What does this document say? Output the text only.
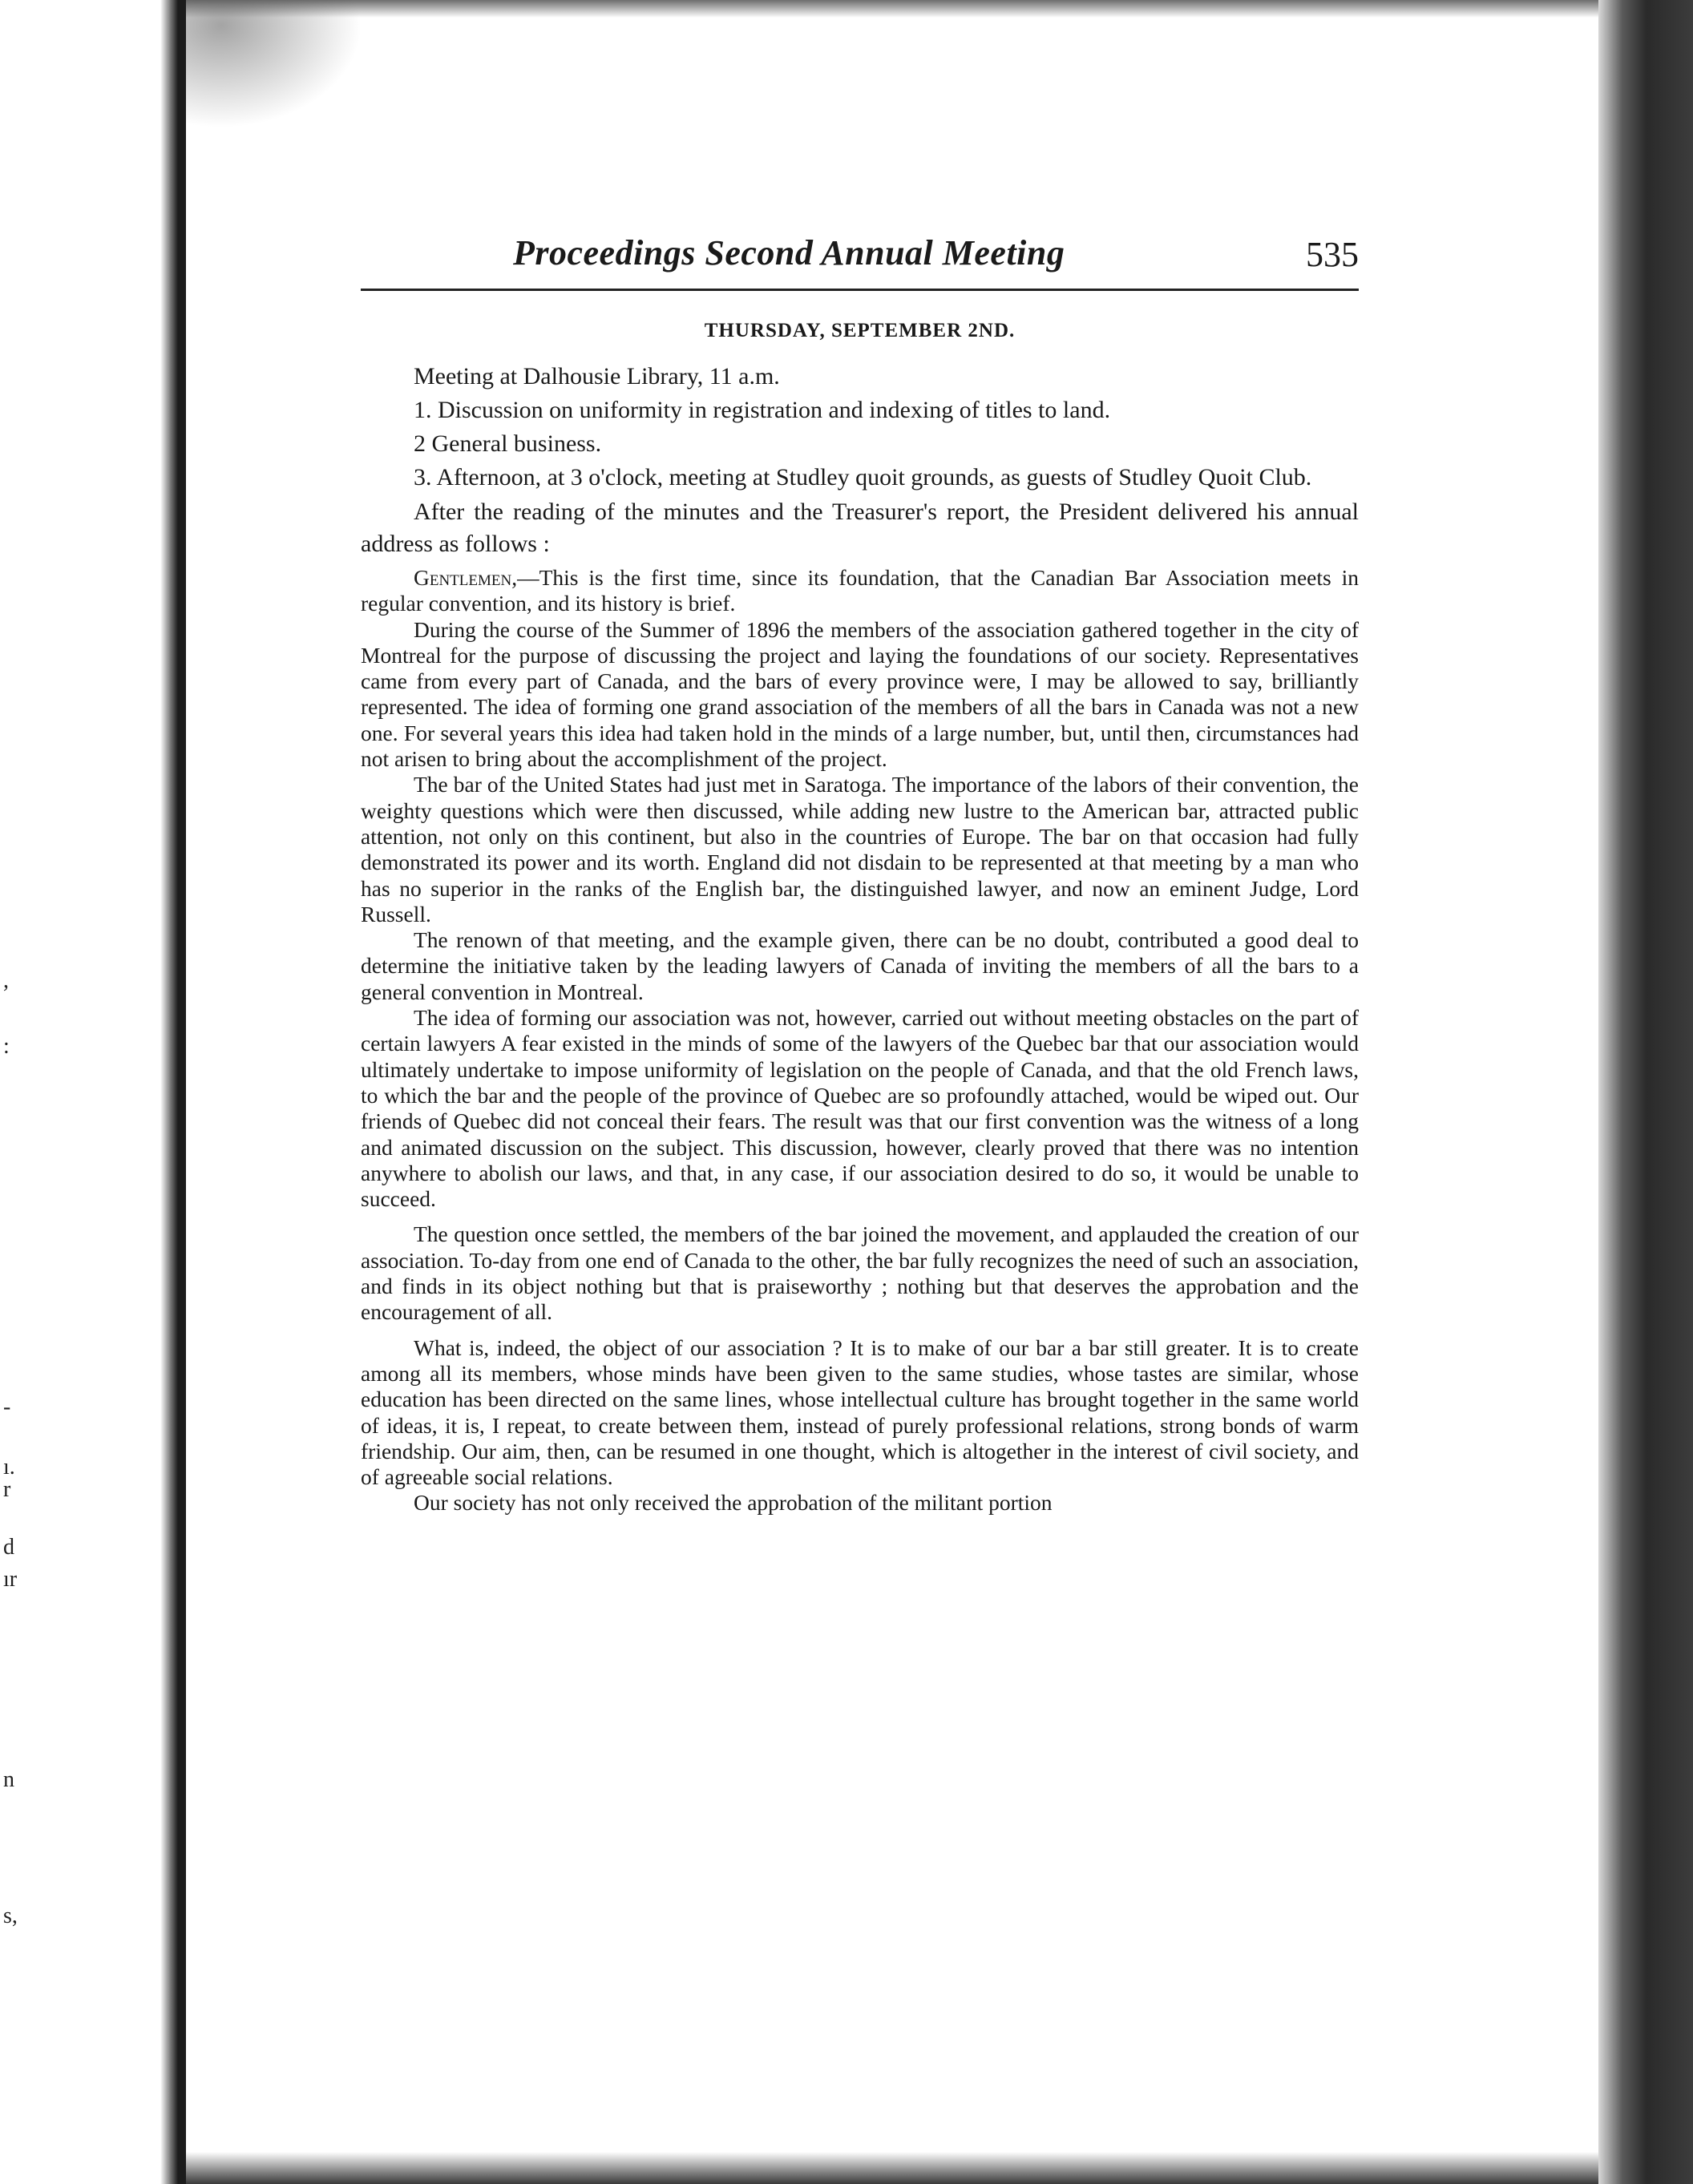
,
:
-
ı.
r
d
ır
n
s,
Proceedings Second Annual Meeting	535
THURSDAY, SEPTEMBER 2ND.

Meeting at Dalhousie Library, 11 a.m.

1. Discussion on uniformity in registration and indexing of titles to land.

2 General business.

3. Afternoon, at 3 o'clock, meeting at Studley quoit grounds, as guests of Studley Quoit Club.

After the reading of the minutes and the Treasurer's report, the President delivered his annual address as follows :

Gentlemen,—This is the first time, since its foundation, that the Canadian Bar Association meets in regular convention, and its history is brief.

During the course of the Summer of 1896 the members of the association gathered together in the city of Montreal for the purpose of discussing the project and laying the foundations of our society. Representatives came from every part of Canada, and the bars of every province were, I may be allowed to say, brilliantly represented. The idea of forming one grand association of the members of all the bars in Canada was not a new one. For several years this idea had taken hold in the minds of a large number, but, until then, circumstances had not arisen to bring about the accomplishment of the project.

The bar of the United States had just met in Saratoga. The importance of the labors of their convention, the weighty questions which were then discussed, while adding new lustre to the American bar, attracted public attention, not only on this continent, but also in the countries of Europe. The bar on that occasion had fully demonstrated its power and its worth. England did not disdain to be represented at that meeting by a man who has no superior in the ranks of the English bar, the distinguished lawyer, and now an eminent Judge, Lord Russell.

The renown of that meeting, and the example given, there can be no doubt, contributed a good deal to determine the initiative taken by the leading lawyers of Canada of inviting the members of all the bars to a general convention in Montreal.

The idea of forming our association was not, however, carried out without meeting obstacles on the part of certain lawyers A fear existed in the minds of some of the lawyers of the Quebec bar that our association would ultimately undertake to impose uniformity of legislation on the people of Canada, and that the old French laws, to which the bar and the people of the province of Quebec are so profoundly attached, would be wiped out. Our friends of Quebec did not conceal their fears. The result was that our first convention was the witness of a long and animated discussion on the subject. This discussion, however, clearly proved that there was no intention anywhere to abolish our laws, and that, in any case, if our association desired to do so, it would be unable to succeed.

The question once settled, the members of the bar joined the movement, and applauded the creation of our association. To-day from one end of Canada to the other, the bar fully recognizes the need of such an association, and finds in its object nothing but that is praiseworthy ; nothing but that deserves the approbation and the encouragement of all.

What is, indeed, the object of our association ? It is to make of our bar a bar still greater. It is to create among all its members, whose minds have been given to the same studies, whose tastes are similar, whose education has been directed on the same lines, whose intellectual culture has brought together in the same world of ideas, it is, I repeat, to create between them, instead of purely professional relations, strong bonds of warm friendship. Our aim, then, can be resumed in one thought, which is altogether in the interest of civil society, and of agreeable social relations.

Our society has not only received the approbation of the militant portion
